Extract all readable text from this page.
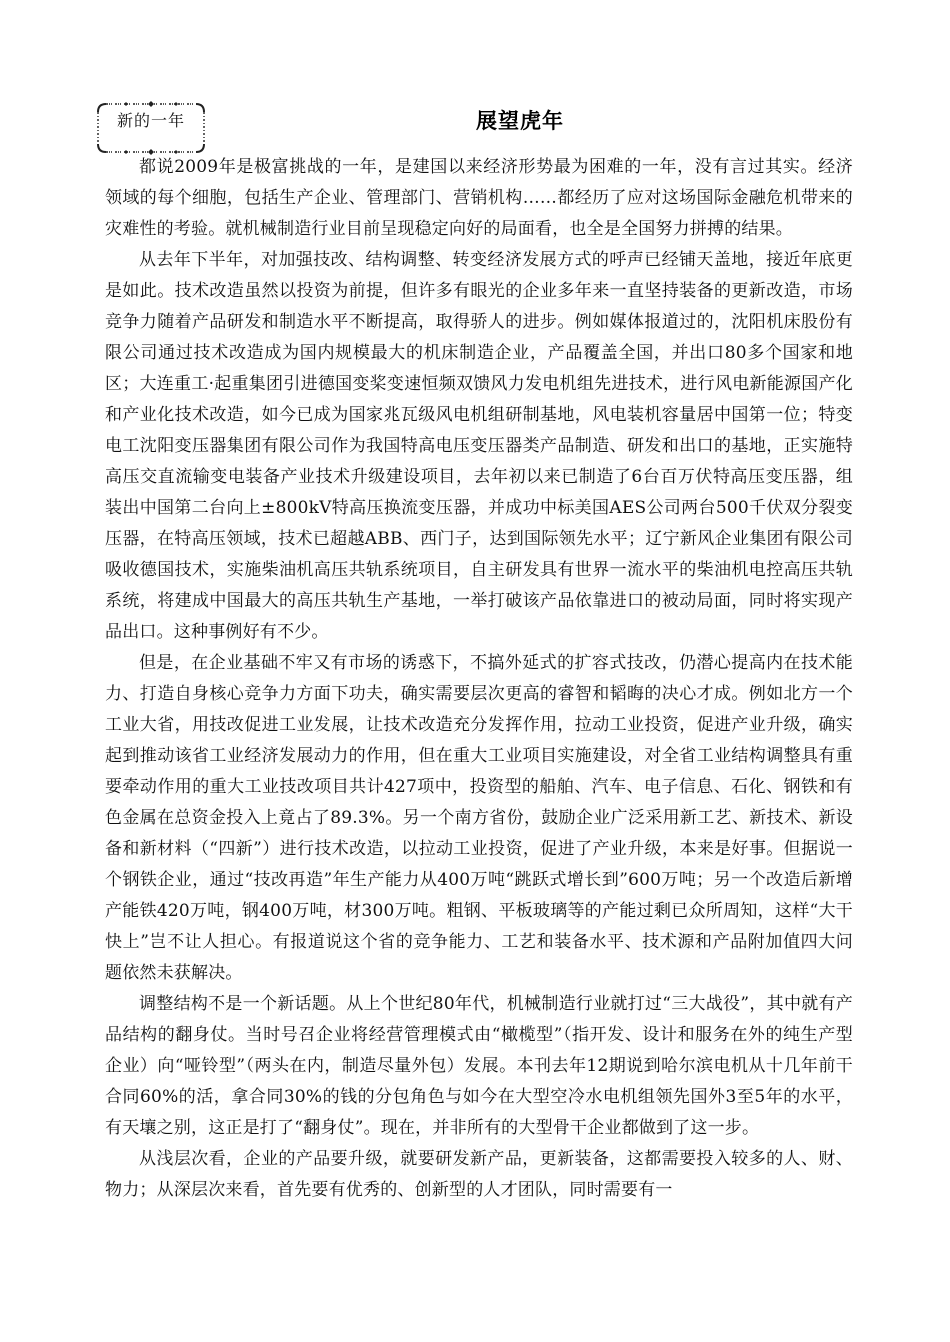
新的一年	展望虎年

都说2009年是极富挑战的一年，是建国以来经济形势最为困难的一年，没有言过其实。经济领域的每个细胞，包括生产企业、管理部门、营销机构……都经历了应对这场国际金融危机带来的灾难性的考验。就机械制造行业目前呈现稳定向好的局面看，也全是全国努力拼搏的结果。

从去年下半年，对加强技改、结构调整、转变经济发展方式的呼声已经铺天盖地，接近年底更是如此。技术改造虽然以投资为前提，但许多有眼光的企业多年来一直坚持装备的更新改造，市场竞争力随着产品研发和制造水平不断提高，取得骄人的进步。例如媒体报道过的，沈阳机床股份有限公司通过技术改造成为国内规模最大的机床制造企业，产品覆盖全国，并出口80多个国家和地区；大连重工·起重集团引进德国变桨变速恒频双馈风力发电机组先进技术，进行风电新能源国产化和产业化技术改造，如今已成为国家兆瓦级风电机组研制基地，风电装机容量居中国第一位；特变电工沈阳变压器集团有限公司作为我国特高电压变压器类产品制造、研发和出口的基地，正实施特高压交直流输变电装备产业技术升级建设项目，去年初以来已制造了6台百万伏特高压变压器，组装出中国第二台向上±800kV特高压换流变压器，并成功中标美国AES公司两台500千伏双分裂变压器，在特高压领域，技术已超越ABB、西门子，达到国际领先水平；辽宁新风企业集团有限公司吸收德国技术，实施柴油机高压共轨系统项目，自主研发具有世界一流水平的柴油机电控高压共轨系统，将建成中国最大的高压共轨生产基地，一举打破该产品依靠进口的被动局面，同时将实现产品出口。这种事例好有不少。

但是，在企业基础不牢又有市场的诱惑下，不搞外延式的扩容式技改，仍潜心提高内在技术能力、打造自身核心竞争力方面下功夫，确实需要层次更高的睿智和韬晦的决心才成。例如北方一个工业大省，用技改促进工业发展，让技术改造充分发挥作用，拉动工业投资，促进产业升级，确实起到推动该省工业经济发展动力的作用，但在重大工业项目实施建设，对全省工业结构调整具有重要牵动作用的重大工业技改项目共计427项中，投资型的船舶、汽车、电子信息、石化、钢铁和有色金属在总资金投入上竟占了89.3%。另一个南方省份，鼓励企业广泛采用新工艺、新技术、新设备和新材料（“四新”）进行技术改造，以拉动工业投资，促进了产业升级，本来是好事。但据说一个钢铁企业，通过“技改再造”年生产能力从400万吨“跳跃式增长到”600万吨；另一个改造后新增产能铁420万吨，钢400万吨，材300万吨。粗钢、平板玻璃等的产能过剩已众所周知，这样“大干快上”岂不让人担心。有报道说这个省的竞争能力、工艺和装备水平、技术源和产品附加值四大问题依然未获解决。

调整结构不是一个新话题。从上个世纪80年代，机械制造行业就打过“三大战役”，其中就有产品结构的翻身仗。当时号召企业将经营管理模式由“橄榄型”（指开发、设计和服务在外的纯生产型企业）向“哑铃型”（两头在内，制造尽量外包）发展。本刊去年12期说到哈尔滨电机从十几年前干合同60%的活，拿合同30%的钱的分包角色与如今在大型空冷水电机组领先国外3至5年的水平，有天壤之别，这正是打了“翻身仗”。现在，并非所有的大型骨干企业都做到了这一步。

从浅层次看，企业的产品要升级，就要研发新产品，更新装备，这都需要投入较多的人、财、物力；从深层次来看，首先要有优秀的、创新型的人才团队，同时需要有一
